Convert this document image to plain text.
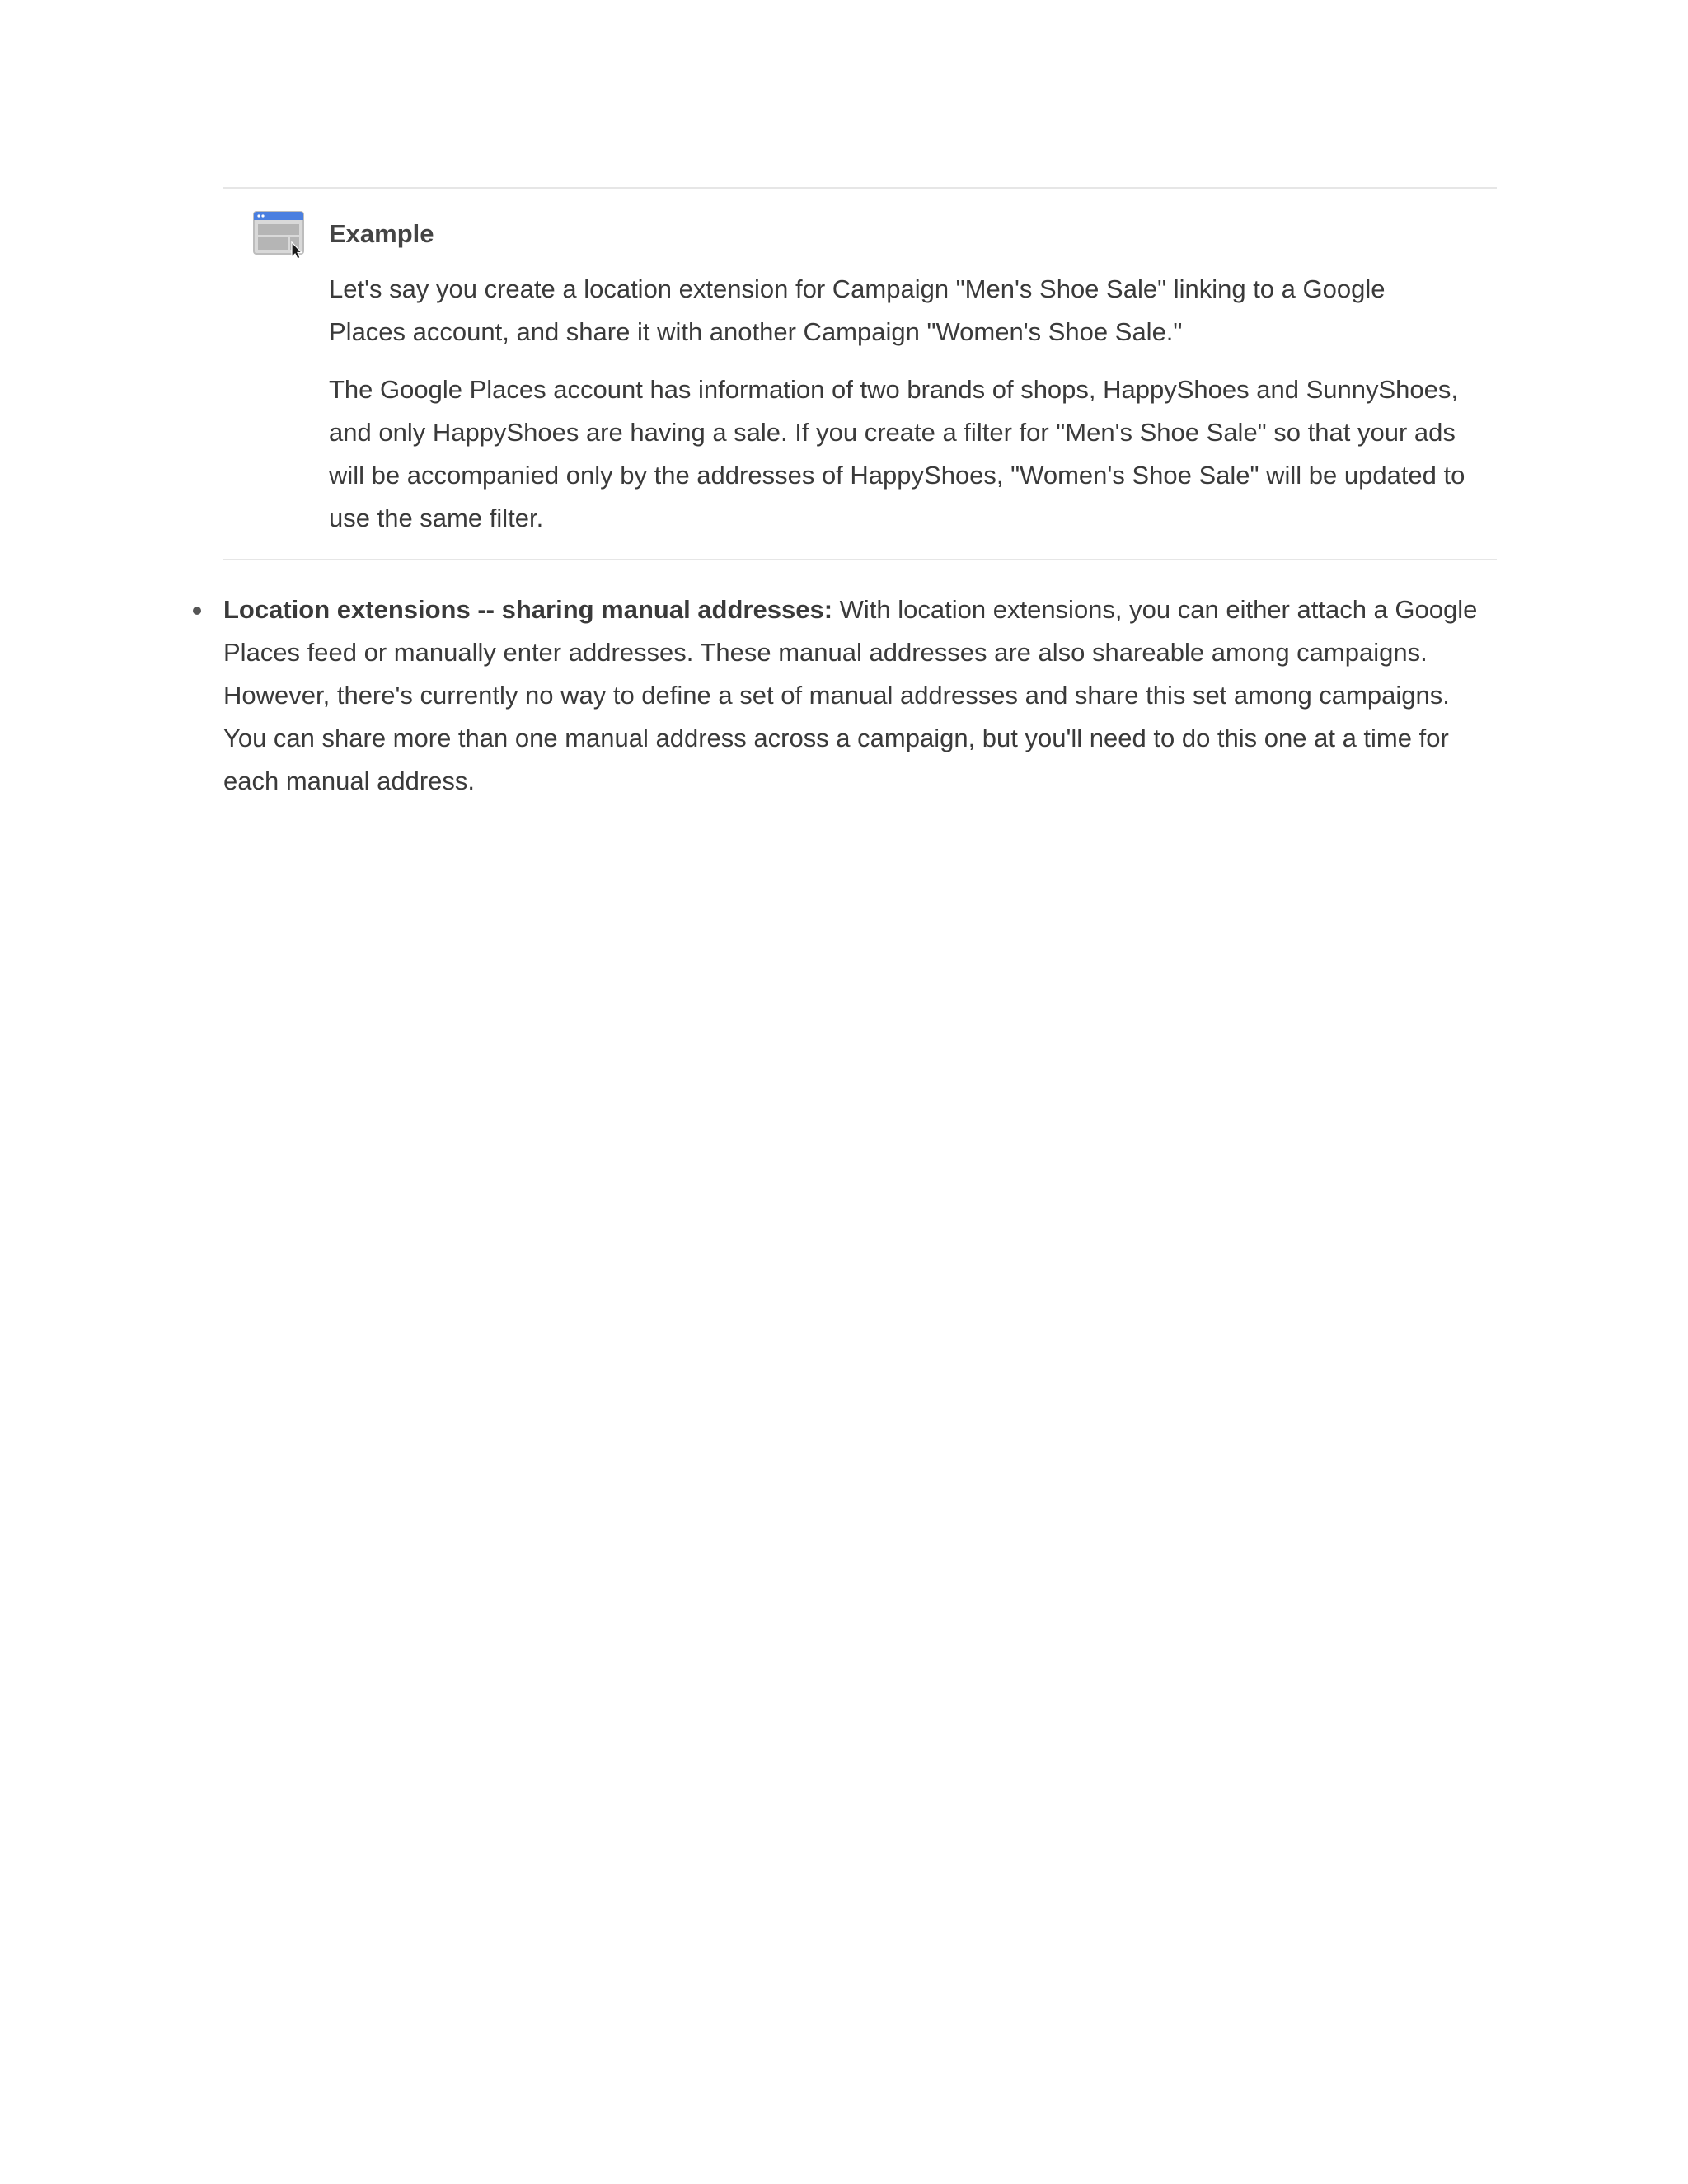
Example

Let's say you create a location extension for Campaign "Men's Shoe Sale" linking to a Google Places account, and share it with another Campaign "Women's Shoe Sale."

The Google Places account has information of two brands of shops, HappyShoes and SunnyShoes, and only HappyShoes are having a sale. If you create a filter for "Men's Shoe Sale" so that your ads will be accompanied only by the addresses of HappyShoes, "Women's Shoe Sale" will be updated to use the same filter.

Location extensions -- sharing manual addresses: With location extensions, you can either attach a Google Places feed or manually enter addresses. These manual addresses are also shareable among campaigns. However, there's currently no way to define a set of manual addresses and share this set among campaigns. You can share more than one manual address across a campaign, but you'll need to do this one at a time for each manual address.
